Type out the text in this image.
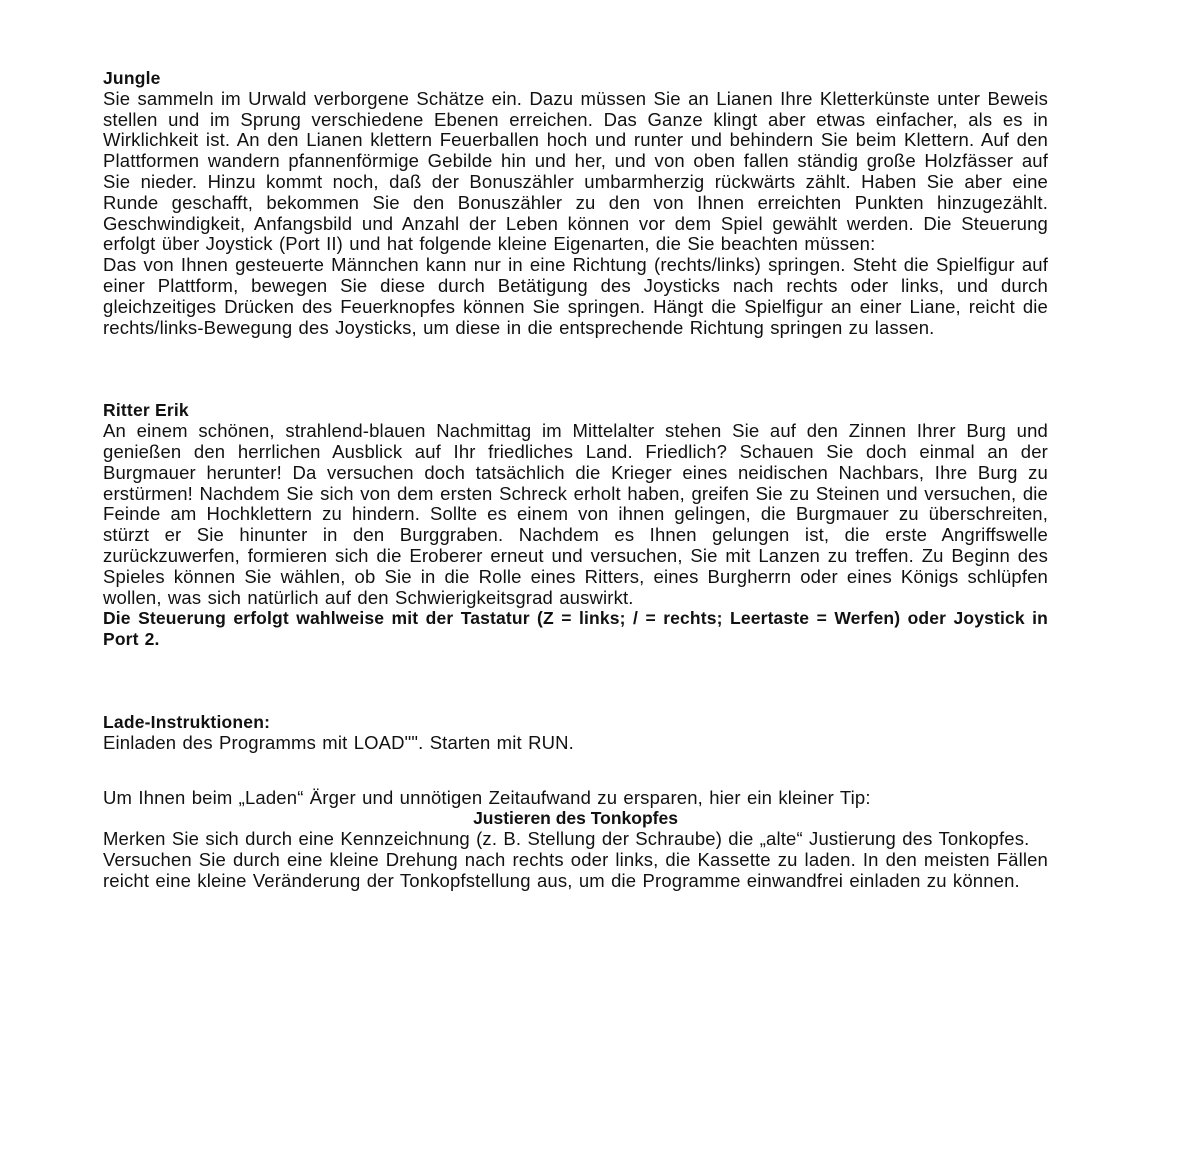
Jungle

Sie sammeln im Urwald verborgene Schätze ein. Dazu müssen Sie an Lianen Ihre Kletterkünste unter Beweis stellen und im Sprung verschiedene Ebenen erreichen. Das Ganze klingt aber etwas einfacher, als es in Wirklichkeit ist. An den Lianen klettern Feuerballen hoch und runter und behindern Sie beim Klettern. Auf den Plattformen wandern pfannenförmige Gebilde hin und her, und von oben fallen ständig große Holzfässer auf Sie nieder. Hinzu kommt noch, daß der Bonuszähler umbarmherzig rückwärts zählt. Haben Sie aber eine Runde geschafft, bekommen Sie den Bonuszähler zu den von Ihnen erreichten Punkten hinzugezählt. Geschwindigkeit, Anfangsbild und Anzahl der Leben können vor dem Spiel gewählt werden. Die Steuerung erfolgt über Joystick (Port II) und hat folgende kleine Eigenarten, die Sie beachten müssen:

Das von Ihnen gesteuerte Männchen kann nur in eine Richtung (rechts/links) springen. Steht die Spielfigur auf einer Plattform, bewegen Sie diese durch Betätigung des Joysticks nach rechts oder links, und durch gleichzeitiges Drücken des Feuerknopfes können Sie springen. Hängt die Spielfigur an einer Liane, reicht die rechts/links-Bewegung des Joysticks, um diese in die entsprechende Richtung springen zu lassen.

Ritter Erik

An einem schönen, strahlend-blauen Nachmittag im Mittelalter stehen Sie auf den Zinnen Ihrer Burg und genießen den herrlichen Ausblick auf Ihr friedliches Land. Friedlich? Schauen Sie doch einmal an der Burgmauer herunter! Da versuchen doch tatsächlich die Krieger eines neidischen Nachbars, Ihre Burg zu erstürmen! Nachdem Sie sich von dem ersten Schreck erholt haben, greifen Sie zu Steinen und versuchen, die Feinde am Hochklettern zu hindern. Sollte es einem von ihnen gelingen, die Burgmauer zu überschreiten, stürzt er Sie hinunter in den Burggraben. Nachdem es Ihnen gelungen ist, die erste Angriffswelle zurückzuwerfen, formieren sich die Eroberer erneut und versuchen, Sie mit Lanzen zu treffen. Zu Beginn des Spieles können Sie wählen, ob Sie in die Rolle eines Ritters, eines Burgherrn oder eines Königs schlüpfen wollen, was sich natürlich auf den Schwierigkeitsgrad auswirkt.

Die Steuerung erfolgt wahlweise mit der Tastatur (Z = links; / = rechts; Leertaste = Werfen) oder Joystick in Port 2.

Lade-Instruktionen:

Einladen des Programms mit LOAD"". Starten mit RUN.

Um Ihnen beim „Laden“ Ärger und unnötigen Zeitaufwand zu ersparen, hier ein kleiner Tip:

Justieren des Tonkopfes

Merken Sie sich durch eine Kennzeichnung (z. B. Stellung der Schraube) die „alte“ Justierung des Tonkopfes.

Versuchen Sie durch eine kleine Drehung nach rechts oder links, die Kassette zu laden. In den meisten Fällen reicht eine kleine Veränderung der Tonkopfstellung aus, um die Programme einwandfrei einladen zu können.
